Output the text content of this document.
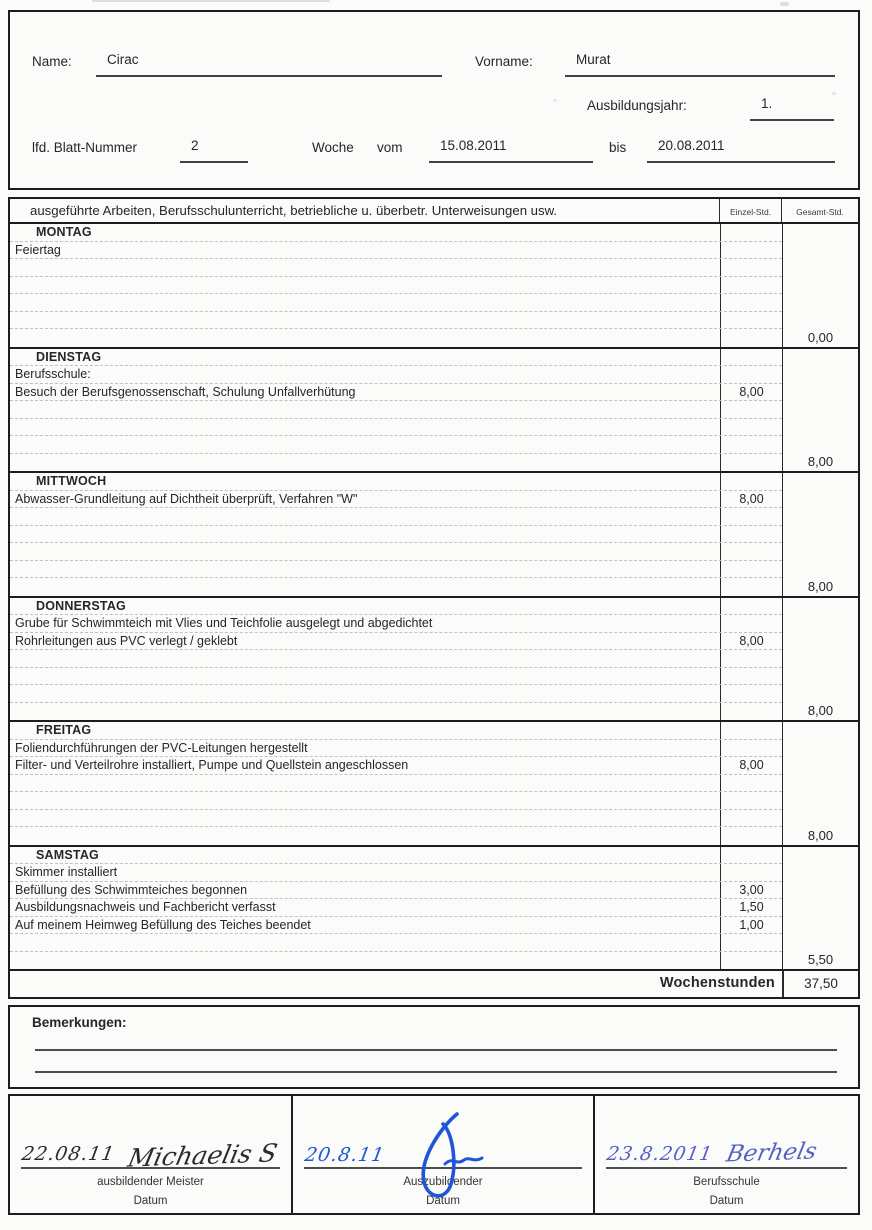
Name:	Cirac	Vorname:	Murat
Ausbildungsjahr:	1.
lfd. Blatt-Nummer	2	Woche vom	15.08.2011	bis	20.08.2011
ausgeführte Arbeiten, Berufsschulunterricht, betriebliche u. überbetr. Unterweisungen usw.	Einzel-Std.	Gesamt-Std.
MONTAG
Feiertag
0,00
DIENSTAG
Berufsschule:
Besuch der Berufsgenossenschaft, Schulung Unfallverhütung	8,00
8,00
MITTWOCH
Abwasser-Grundleitung auf Dichtheit überprüft, Verfahren "W"	8,00
8,00
DONNERSTAG
Grube für Schwimmteich mit Vlies und Teichfolie ausgelegt und abgedichtet
Rohrleitungen aus PVC verlegt / geklebt	8,00
8,00
FREITAG
Foliendurchführungen der PVC-Leitungen hergestellt
Filter- und Verteilrohre installiert, Pumpe und Quellstein angeschlossen	8,00
8,00
SAMSTAG
Skimmer installiert
Befüllung des Schwimmteiches begonnen	3,00
Ausbildungsnachweis und Fachbericht verfasst	1,50
Auf meinem Heimweg Befüllung des Teiches beendet	1,00
5,50
Wochenstunden	37,50
Bemerkungen:
22.08.11 Michaelis S
ausbildender Meister
Datum
20.8.11
Auszubildender
Datum
23.8.2011 Berhels
Berufsschule
Datum
